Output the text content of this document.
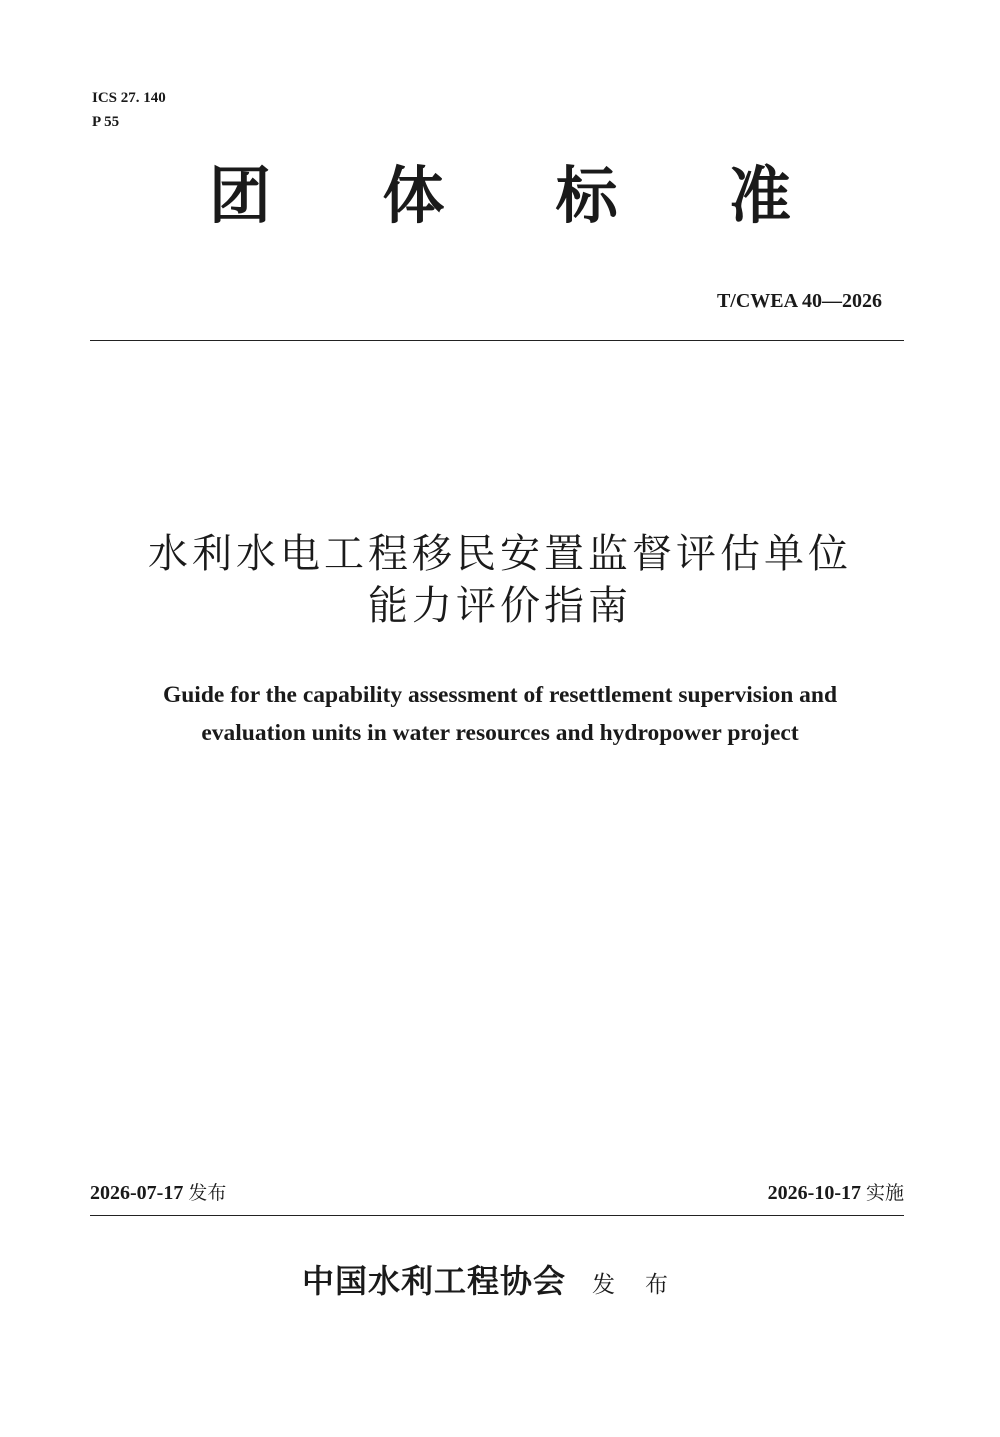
ICS 27. 140
P 55
团 体 标 准
T/CWEA 40—2026
水利水电工程移民安置监督评估单位
能力评价指南
Guide for the capability assessment of resettlement supervision and
evaluation units in water resources and hydropower project
2026-07-17 发布	2026-10-17 实施
中国水利工程协会 发布
